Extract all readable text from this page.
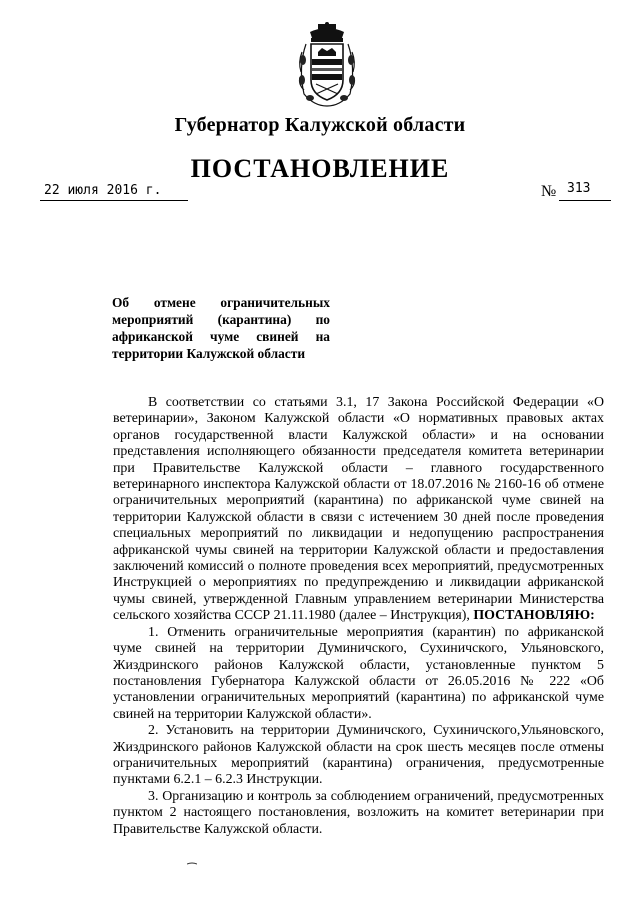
Губернатор Калужской области
ПОСТАНОВЛЕНИЕ
22 июля 2016 г.	№ 313
Об отмене ограничительных
мероприятий (карантина) по
африканской чуме свиней на
территории Калужской области

В соответствии со статьями 3.1, 17 Закона Российской Федерации «О ветеринарии», Законом Калужской области «О нормативных правовых актах органов государственной власти Калужской области» и на основании представления исполняющего обязанности председателя комитета ветеринарии при Правительстве Калужской области – главного государственного ветеринарного инспектора Калужской области от 18.07.2016 № 2160-16 об отмене ограничительных мероприятий (карантина) по африканской чуме свиней на территории Калужской области в связи с истечением 30 дней после проведения специальных мероприятий по ликвидации и недопущению распространения африканской чумы свиней на территории Калужской области и предоставления заключений комиссий о полноте проведения всех мероприятий, предусмотренных Инструкцией о мероприятиях по предупреждению и ликвидации африканской чумы свиней, утвержденной Главным управлением ветеринарии Министерства сельского хозяйства СССР 21.11.1980 (далее – Инструкция), ПОСТАНОВЛЯЮ:

1. Отменить ограничительные мероприятия (карантин) по африканской чуме свиней на территории Думиничского, Сухиничского, Ульяновского, Жиздринского районов Калужской области, установленные пунктом 5 постановления Губернатора Калужской области от 26.05.2016 № 222 «Об установлении ограничительных мероприятий (карантина) по африканской чуме свиней на территории Калужской области».

2. Установить на территории Думиничского, Сухиничского,Ульяновского, Жиздринского районов Калужской области на срок шесть месяцев после отмены ограничительных мероприятий (карантина) ограничения, предусмотренные пунктами 6.2.1 – 6.2.3 Инструкции.

3. Организацию и контроль за соблюдением ограничений, предусмотренных пунктом 2 настоящего постановления, возложить на комитет ветеринарии при Правительстве Калужской области.
